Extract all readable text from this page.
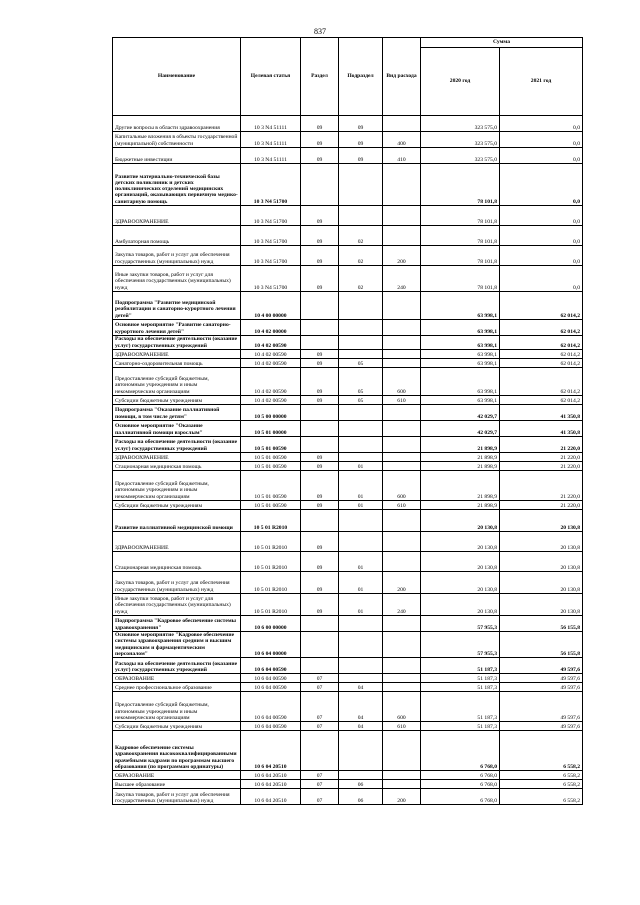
837
Наименование	Целевая статья	Раздел	Подраздел	Вид расхода	Сумма	
					2020 год	2021 год
Другие вопросы в области здравоохранения	10 3 N4 51111	09	09		323 575,0	0,0
Капитальные вложения в объекты государственной (муниципальной) собственности	10 3 N4 51111	09	09	400	323 575,0	0,0
Бюджетные инвестиции	10 3 N4 51111	09	09	410	323 575,0	0,0
Развитие материально-технической базы детских поликлиник и детских поликлинических отделений медицинских организаций, оказывающих первичную медико-санитарную помощь	10 3 N4 51700				78 101,8	0,0
ЗДРАВООХРАНЕНИЕ	10 3 N4 51700	09			78 101,8	0,0
Амбулаторная помощь	10 3 N4 51700	09	02		78 101,8	0,0
Закупка товаров, работ и услуг для обеспечения государственных (муниципальных) нужд	10 3 N4 51700	09	02	200	78 101,8	0,0
Иные закупки товаров, работ и услуг для обеспечения государственных (муниципальных) нужд	10 3 N4 51700	09	02	240	78 101,8	0,0
Подпрограмма "Развитие медицинской реабилитации и санаторно-курортного лечения детей"	10 4 00 00000				63 998,1	62 014,2
Основное мероприятие "Развитие санаторно-курортного лечения детей"	10 4 02 00000				63 998,1	62 014,2
Расходы на обеспечение деятельности (оказание услуг) государственных учреждений	10 4 02 00590				63 998,1	62 014,2
ЗДРАВООХРАНЕНИЕ	10 4 02 00590	09			63 998,1	62 014,2
Санаторно-оздоровительная помощь	10 4 02 00590	09	05		63 998,1	62 014,2
Предоставление субсидий бюджетным, автономным учреждениям и иным некоммерческим организациям	10 4 02 00590	09	05	600	63 998,1	62 014,2
Субсидии бюджетным учреждениям	10 4 02 00590	09	05	610	63 998,1	62 014,2
Подпрограмма "Оказание паллиативной помощи, в том числе детям"	10 5 00 00000				42 029,7	41 350,8
Основное мероприятие "Оказание паллиативной помощи взрослым"	10 5 01 00000				42 029,7	41 350,8
Расходы на обеспечение деятельности (оказание услуг) государственных учреждений	10 5 01 00590				21 898,9	21 220,0
ЗДРАВООХРАНЕНИЕ	10 5 01 00590	09			21 898,9	21 220,0
Стационарная медицинская помощь	10 5 01 00590	09	01		21 898,9	21 220,0
Предоставление субсидий бюджетным, автономным учреждениям и иным некоммерческим организациям	10 5 01 00590	09	01	600	21 898,9	21 220,0
Субсидии бюджетным учреждениям	10 5 01 00590	09	01	610	21 898,9	21 220,0
Развитие паллиативной медицинской помощи	10 5 01 R2010				20 130,8	20 130,8
ЗДРАВООХРАНЕНИЕ	10 5 01 R2010	09			20 130,8	20 130,8
Стационарная медицинская помощь	10 5 01 R2010	09	01		20 130,8	20 130,8
Закупка товаров, работ и услуг для обеспечения государственных (муниципальных) нужд	10 5 01 R2010	09	01	200	20 130,8	20 130,8
Иные закупки товаров, работ и услуг для обеспечения государственных (муниципальных) нужд	10 5 01 R2010	09	01	240	20 130,8	20 130,8
Подпрограмма "Кадровое обеспечение системы здравоохранения"	10 6 00 00000				57 955,3	56 155,8
Основное мероприятие "Кадровое обеспечение системы здравоохранения средним и высшим медицинским и фармацевтическим персоналом"	10 6 04 00000				57 955,3	56 155,8
Расходы на обеспечение деятельности (оказание услуг) государственных учреждений	10 6 04 00590				51 187,3	49 597,6
ОБРАЗОВАНИЕ	10 6 04 00590	07			51 187,3	49 597,6
Среднее профессиональное образование	10 6 04 00590	07	04		51 187,3	49 597,6
Предоставление субсидий бюджетным, автономным учреждениям и иным некоммерческим организациям	10 6 04 00590	07	04	600	51 187,3	49 597,6
Субсидии бюджетным учреждениям	10 6 04 00590	07	04	610	51 187,3	49 597,6
Кадровое обеспечение системы здравоохранения высококвалифицированными врачебными кадрами по программам высшего образования (по программам ординатуры)	10 6 04 20510				6 768,0	6 558,2
ОБРАЗОВАНИЕ	10 6 04 20510	07			6 768,0	6 558,2
Высшее образование	10 6 04 20510	07	06		6 768,0	6 558,2
Закупка товаров, работ и услуг для обеспечения государственных (муниципальных) нужд	10 6 04 20510	07	06	200	6 768,0	6 558,2
